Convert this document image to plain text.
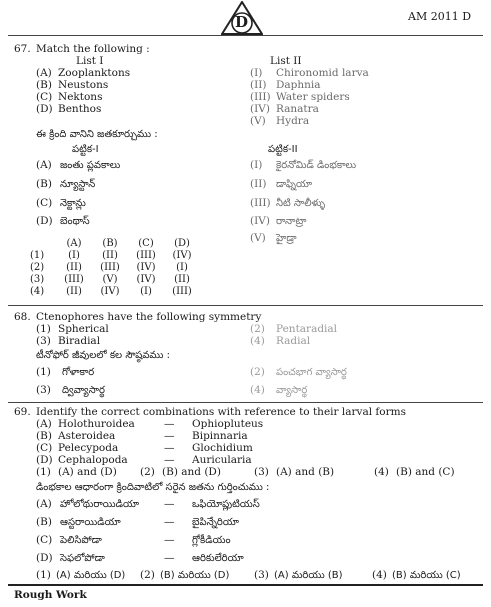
D	AM 2011 D
67. Match the following :
List I	List II
(A) Zooplanktons
(B) Neustons
(C) Nektons
(D) Benthos
(I) Chironomid larva
(II) Daphnia
(III) Water spiders
(IV) Ranatra
(V) Hydra
ఈ క్రింది వానిని జతకూర్చుము :
పట్టిక-I	పట్టిక-II
(A) జంతు ప్లవకాలు
(B) న్యూస్టాన్
(C) నెక్టాన్లు
(D) బెంథాస్
(I) కైరనోమిడ్ డింభకాలు
(II) డాఫ్నియా
(III) నీటి సాలీళ్ళు
(IV) రానాట్రా
(V) హైడ్రా
	(A)	(B)	(C)	(D)
(1)	(I)	(II)	(III)	(IV)
(2)	(II)	(III)	(IV)	(I)
(3)	(III)	(V)	(IV)	(II)
(4)	(II)	(IV)	(I)	(III)
68. Ctenophores have the following symmetry
(1) Spherical	(2) Pentaradial
(3) Biradial	(4) Radial
టీనోఫోర్ జీవులలో కల సౌష్ఠవము :
(1) గోళాకార	(2) పంచభాగ వ్యాసార్థ
(3) ద్వివ్యాసార్థ	(4) వ్యాసార్థ
69. Identify the correct combinations with reference to their larval forms
(A) Holothuroidea	— Ophiopluteus
(B) Asteroidea	— Bipinnaria
(C) Pelecypoda	— Glochidium
(D) Cephalopoda	— Auricularia
(1) (A) and (D) (2) (B) and (D)	(3) (A) and (B)	(4) (B) and (C)
డింభకాల ఆధారంగా క్రిందివాటిలో సరైన జతను గుర్తించుము :
(A) హోలోథురాయిడియా — ఒఫియోప్లుటియస్
(B) ఆస్టరాయిడియా	— బైపిన్నేరియా
(C) పెలిసిపోడా	— గ్లోకీడియం
(D) సెఫలోపోడా	— ఆరికులేరియా
(1) (A) మరియు (D) (2) (B) మరియు (D) (3) (A) మరియు (B)	(4) (B) మరియు (C)
Rough Work
